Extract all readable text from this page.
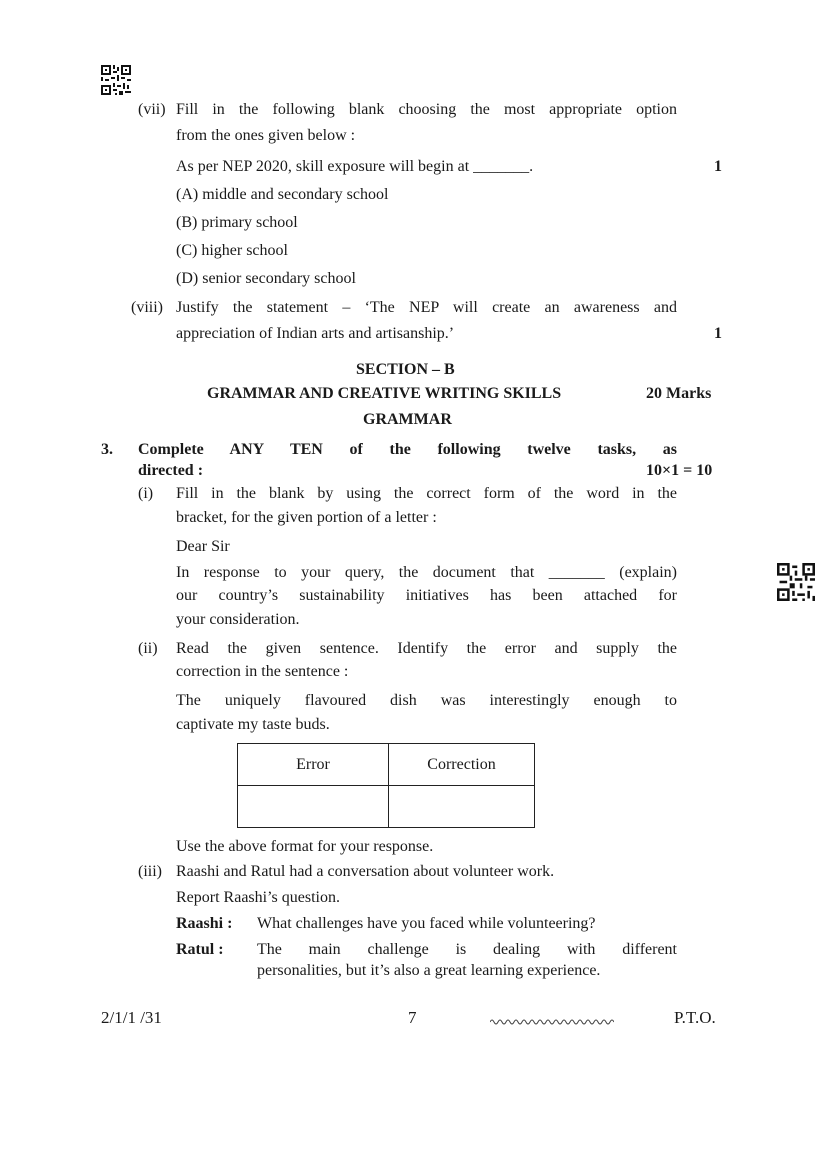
(vii) Fill in the following blank choosing the most appropriate option
from the ones given below :
As per NEP 2020, skill exposure will begin at _______.	1
(A) middle and secondary school
(B) primary school
(C) higher school
(D) senior secondary school
(viii) Justify the statement – ‘The NEP will create an awareness and
appreciation of Indian arts and artisanship.’	1
SECTION – B
GRAMMAR AND CREATIVE WRITING SKILLS	20 Marks
GRAMMAR
3. Complete ANY TEN of the following twelve tasks, as
directed :	10×1 = 10
(i) Fill in the blank by using the correct form of the word in the
bracket, for the given portion of a letter :
Dear Sir
In response to your query, the document that _______ (explain)
our country’s sustainability initiatives has been attached for
your consideration.
(ii) Read the given sentence. Identify the error and supply the
correction in the sentence :
The uniquely flavoured dish was interestingly enough to
captivate my taste buds.
Error	Correction

Use the above format for your response.
(iii) Raashi and Ratul had a conversation about volunteer work.
Report Raashi’s question.
Raashi : What challenges have you faced while volunteering?
Ratul : The main challenge is dealing with different
personalities, but it’s also a great learning experience.
2/1/1 /31	7	P.T.O.
